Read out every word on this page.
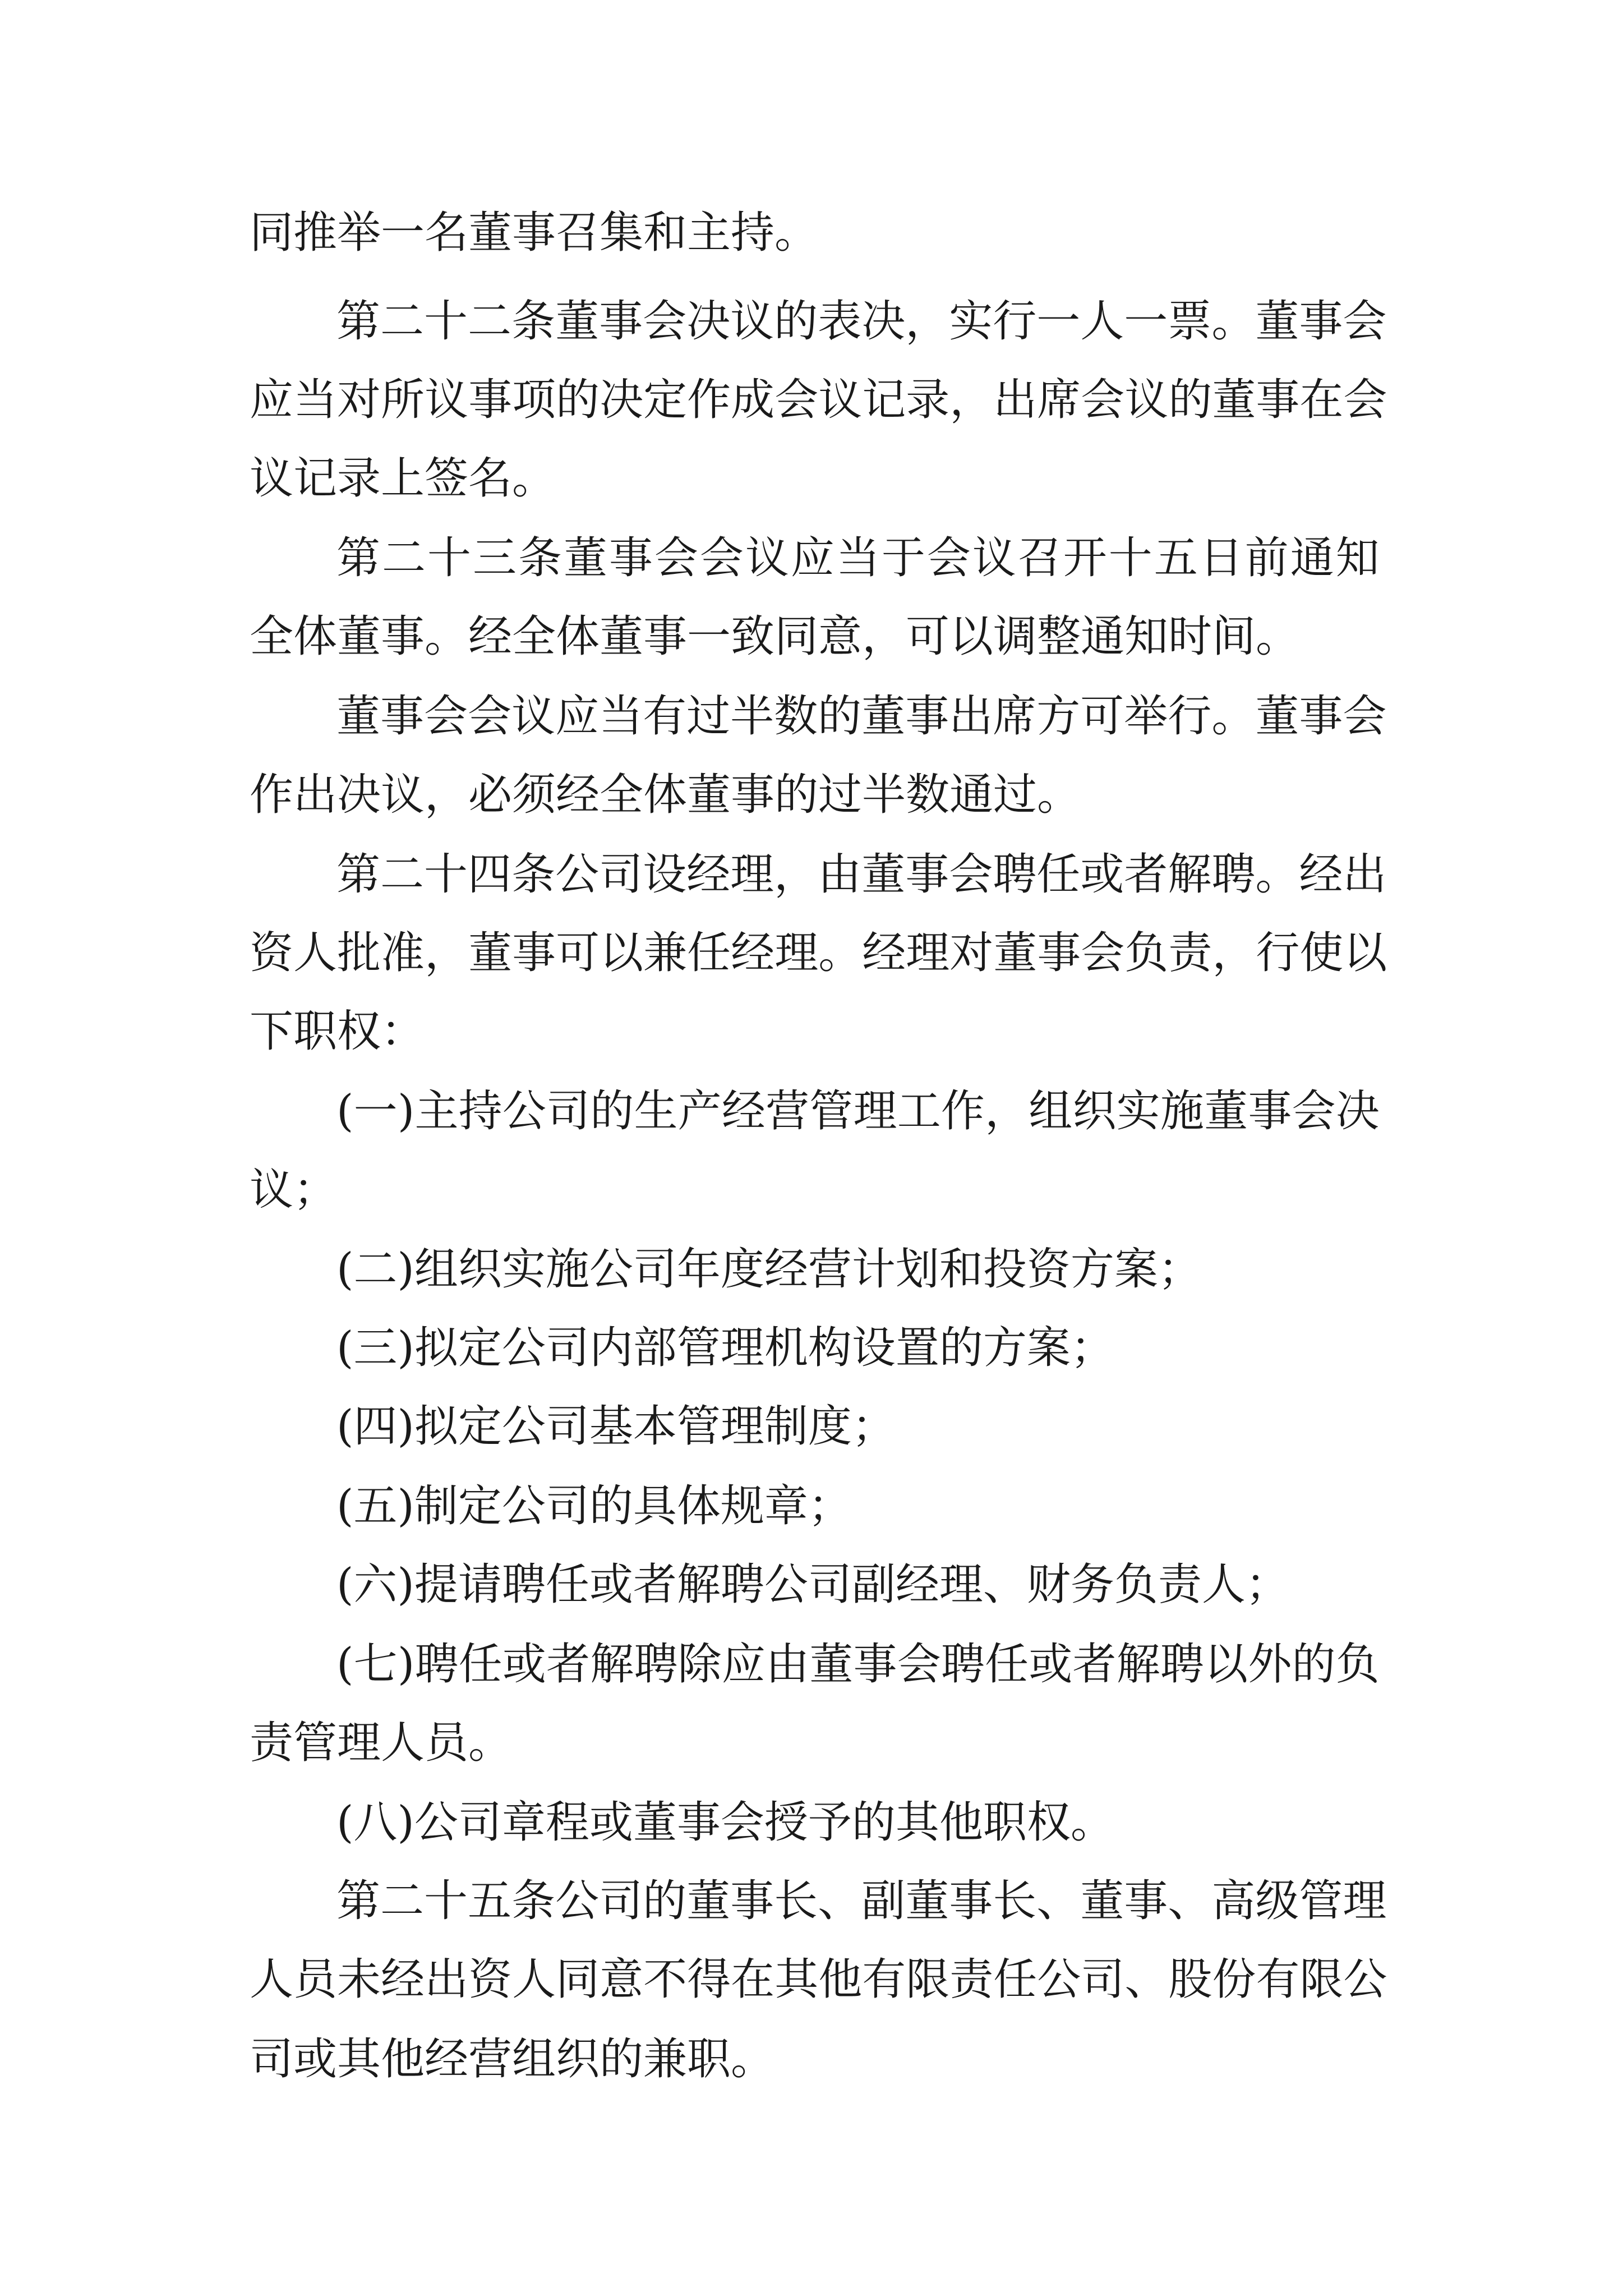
同推举一名董事召集和主持。
第 二 十 二 条 董 事 会 决 议 的 表 决 ， 实 行 一 人 一 票 。 董 事 会
应 当 对 所 议 事 项 的 决 定 作 成 会 议 记 录 ， 出 席 会 议 的 董 事 在 会
议记录上签名。
第 二 十 三 条 董 事 会 会 议 应 当 于 会 议 召 开 十 五 日 前 通 知
全体董事。经全体董事一致同意，可以调整通知时间。
董 事 会 会 议 应 当 有 过 半 数 的 董 事 出 席 方 可 举 行 。 董 事 会
作出决议，必须经全体董事的过半数通过。
第 二 十 四 条 公 司 设 经 理 ， 由 董 事 会 聘 任 或 者 解 聘 。 经 出
资 人 批 准 ， 董 事 可 以 兼 任 经 理 。 经 理 对 董 事 会 负 责 ， 行 使 以
下职权：
( 一 ) 主 持 公 司 的 生 产 经 营 管 理 工 作 ， 组 织 实 施 董 事 会 决
议；
(二)组织实施公司年度经营计划和投资方案；
(三)拟定公司内部管理机构设置的方案；
(四)拟定公司基本管理制度；
(五)制定公司的具体规章；
(六)提请聘任或者解聘公司副经理、财务负责人；
( 七 ) 聘 任 或 者 解 聘 除 应 由 董 事 会 聘 任 或 者 解 聘 以 外 的 负
责管理人员。
(八)公司章程或董事会授予的其他职权。
第 二 十 五 条 公 司 的 董 事 长 、 副 董 事 长 、 董 事 、 高 级 管 理
人 员 未 经 出 资 人 同 意 不 得 在 其 他 有 限 责 任 公 司 、 股 份 有 限 公
司或其他经营组织的兼职。
